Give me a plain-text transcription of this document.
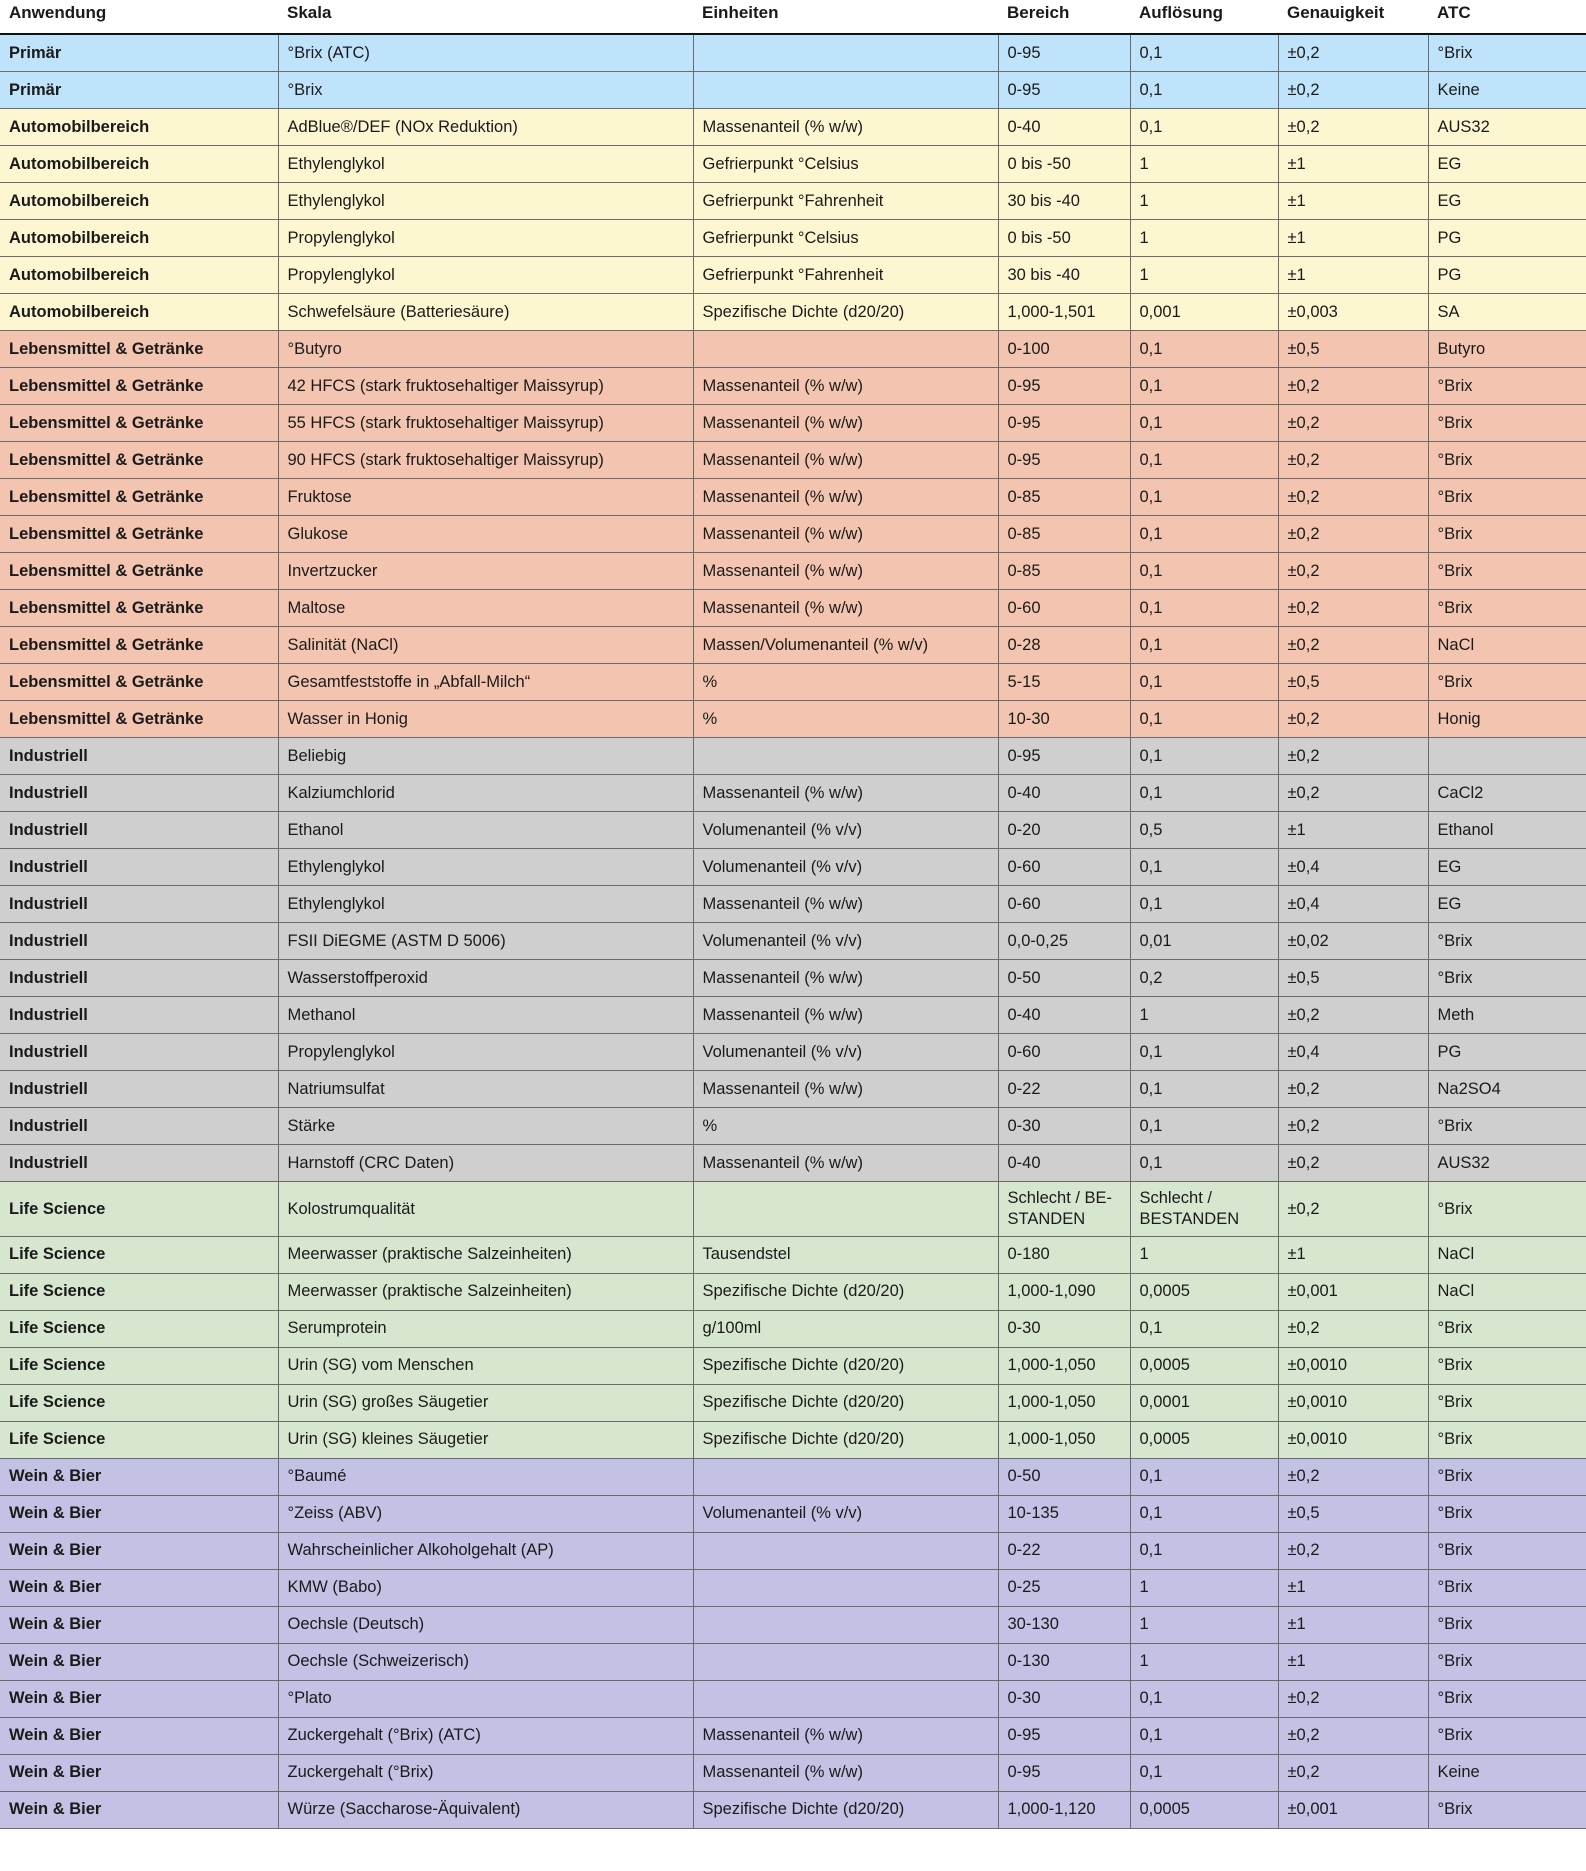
Anwendung	Skala	Einheiten	Bereich	Auflösung	Genauigkeit	ATC
Primär	°Brix (ATC)		0-95	0,1	±0,2	°Brix
Primär	°Brix		0-95	0,1	±0,2	Keine
Automobilbereich	AdBlue®/DEF (NOx Reduktion)	Massenanteil (% w/w)	0-40	0,1	±0,2	AUS32
Automobilbereich	Ethylenglykol	Gefrierpunkt °Celsius	0 bis -50	1	±1	EG
Automobilbereich	Ethylenglykol	Gefrierpunkt °Fahrenheit	30 bis -40	1	±1	EG
Automobilbereich	Propylenglykol	Gefrierpunkt °Celsius	0 bis -50	1	±1	PG
Automobilbereich	Propylenglykol	Gefrierpunkt °Fahrenheit	30 bis -40	1	±1	PG
Automobilbereich	Schwefelsäure (Batteriesäure)	Spezifische Dichte (d20/20)	1,000-1,501	0,001	±0,003	SA
Lebensmittel & Getränke	°Butyro		0-100	0,1	±0,5	Butyro
Lebensmittel & Getränke	42 HFCS (stark fruktosehaltiger Maissyrup)	Massenanteil (% w/w)	0-95	0,1	±0,2	°Brix
Lebensmittel & Getränke	55 HFCS (stark fruktosehaltiger Maissyrup)	Massenanteil (% w/w)	0-95	0,1	±0,2	°Brix
Lebensmittel & Getränke	90 HFCS (stark fruktosehaltiger Maissyrup)	Massenanteil (% w/w)	0-95	0,1	±0,2	°Brix
Lebensmittel & Getränke	Fruktose	Massenanteil (% w/w)	0-85	0,1	±0,2	°Brix
Lebensmittel & Getränke	Glukose	Massenanteil (% w/w)	0-85	0,1	±0,2	°Brix
Lebensmittel & Getränke	Invertzucker	Massenanteil (% w/w)	0-85	0,1	±0,2	°Brix
Lebensmittel & Getränke	Maltose	Massenanteil (% w/w)	0-60	0,1	±0,2	°Brix
Lebensmittel & Getränke	Salinität (NaCl)	Massen/Volumenanteil (% w/v)	0-28	0,1	±0,2	NaCl
Lebensmittel & Getränke	Gesamtfeststoffe in „Abfall-Milch“	%	5-15	0,1	±0,5	°Brix
Lebensmittel & Getränke	Wasser in Honig	%	10-30	0,1	±0,2	Honig
Industriell	Beliebig		0-95	0,1	±0,2	
Industriell	Kalziumchlorid	Massenanteil (% w/w)	0-40	0,1	±0,2	CaCl2
Industriell	Ethanol	Volumenanteil (% v/v)	0-20	0,5	±1	Ethanol
Industriell	Ethylenglykol	Volumenanteil (% v/v)	0-60	0,1	±0,4	EG
Industriell	Ethylenglykol	Massenanteil (% w/w)	0-60	0,1	±0,4	EG
Industriell	FSII DiEGME (ASTM D 5006)	Volumenanteil (% v/v)	0,0-0,25	0,01	±0,02	°Brix
Industriell	Wasserstoffperoxid	Massenanteil (% w/w)	0-50	0,2	±0,5	°Brix
Industriell	Methanol	Massenanteil (% w/w)	0-40	1	±0,2	Meth
Industriell	Propylenglykol	Volumenanteil (% v/v)	0-60	0,1	±0,4	PG
Industriell	Natriumsulfat	Massenanteil (% w/w)	0-22	0,1	±0,2	Na2SO4
Industriell	Stärke	%	0-30	0,1	±0,2	°Brix
Industriell	Harnstoff (CRC Daten)	Massenanteil (% w/w)	0-40	0,1	±0,2	AUS32
Life Science	Kolostrumqualität		Schlecht / BE-STANDEN	Schlecht / BESTANDEN	±0,2	°Brix
Life Science	Meerwasser (praktische Salzeinheiten)	Tausendstel	0-180	1	±1	NaCl
Life Science	Meerwasser (praktische Salzeinheiten)	Spezifische Dichte (d20/20)	1,000-1,090	0,0005	±0,001	NaCl
Life Science	Serumprotein	g/100ml	0-30	0,1	±0,2	°Brix
Life Science	Urin (SG) vom Menschen	Spezifische Dichte (d20/20)	1,000-1,050	0,0005	±0,0010	°Brix
Life Science	Urin (SG) großes Säugetier	Spezifische Dichte (d20/20)	1,000-1,050	0,0001	±0,0010	°Brix
Life Science	Urin (SG) kleines Säugetier	Spezifische Dichte (d20/20)	1,000-1,050	0,0005	±0,0010	°Brix
Wein & Bier	°Baumé		0-50	0,1	±0,2	°Brix
Wein & Bier	°Zeiss (ABV)	Volumenanteil (% v/v)	10-135	0,1	±0,5	°Brix
Wein & Bier	Wahrscheinlicher Alkoholgehalt (AP)		0-22	0,1	±0,2	°Brix
Wein & Bier	KMW (Babo)		0-25	1	±1	°Brix
Wein & Bier	Oechsle (Deutsch)		30-130	1	±1	°Brix
Wein & Bier	Oechsle (Schweizerisch)		0-130	1	±1	°Brix
Wein & Bier	°Plato		0-30	0,1	±0,2	°Brix
Wein & Bier	Zuckergehalt (°Brix) (ATC)	Massenanteil (% w/w)	0-95	0,1	±0,2	°Brix
Wein & Bier	Zuckergehalt (°Brix)	Massenanteil (% w/w)	0-95	0,1	±0,2	Keine
Wein & Bier	Würze (Saccharose-Äquivalent)	Spezifische Dichte (d20/20)	1,000-1,120	0,0005	±0,001	°Brix
